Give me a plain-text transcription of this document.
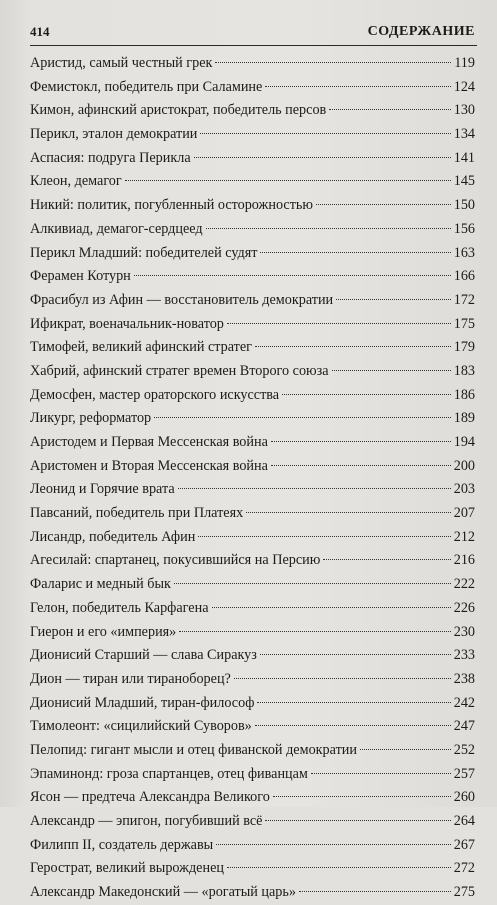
414	СОДЕРЖАНИЕ
Аристид, самый честный грек	119
Фемистокл, победитель при Саламине	124
Кимон, афинский аристократ, победитель персов	130
Перикл, эталон демократии	134
Аспасия: подруга Перикла	141
Клеон, демагог	145
Никий: политик, погубленный осторожностью	150
Алкивиад, демагог-сердцеед	156
Перикл Младший: победителей судят	163
Ферамен Котурн	166
Фрасибул из Афин — восстановитель демократии	172
Ификрат, военачальник-новатор	175
Тимофей, великий афинский стратег	179
Хабрий, афинский стратег времен Второго союза	183
Демосфен, мастер ораторского искусства	186
Ликург, реформатор	189
Аристодем и Первая Мессенская война	194
Аристомен и Вторая Мессенская война	200
Леонид и Горячие врата	203
Павсаний, победитель при Платеях	207
Лисандр, победитель Афин	212
Агесилай: спартанец, покусившийся на Персию	216
Фаларис и медный бык	222
Гелон, победитель Карфагена	226
Гиерон и его «империя»	230
Дионисий Старший — слава Сиракуз	233
Дион — тиран или тираноборец?	238
Дионисий Младший, тиран-философ	242
Тимолеонт: «сицилийский Суворов»	247
Пелопид: гигант мысли и отец фиванской демократии	252
Эпаминонд: гроза спартанцев, отец фиванцам	257
Ясон — предтеча Александра Великого	260
Александр — эпигон, погубивший всё	264
Филипп II, создатель державы	267
Герострат, великий вырожденец	272
Александр Македонский — «рогатый царь»	275
